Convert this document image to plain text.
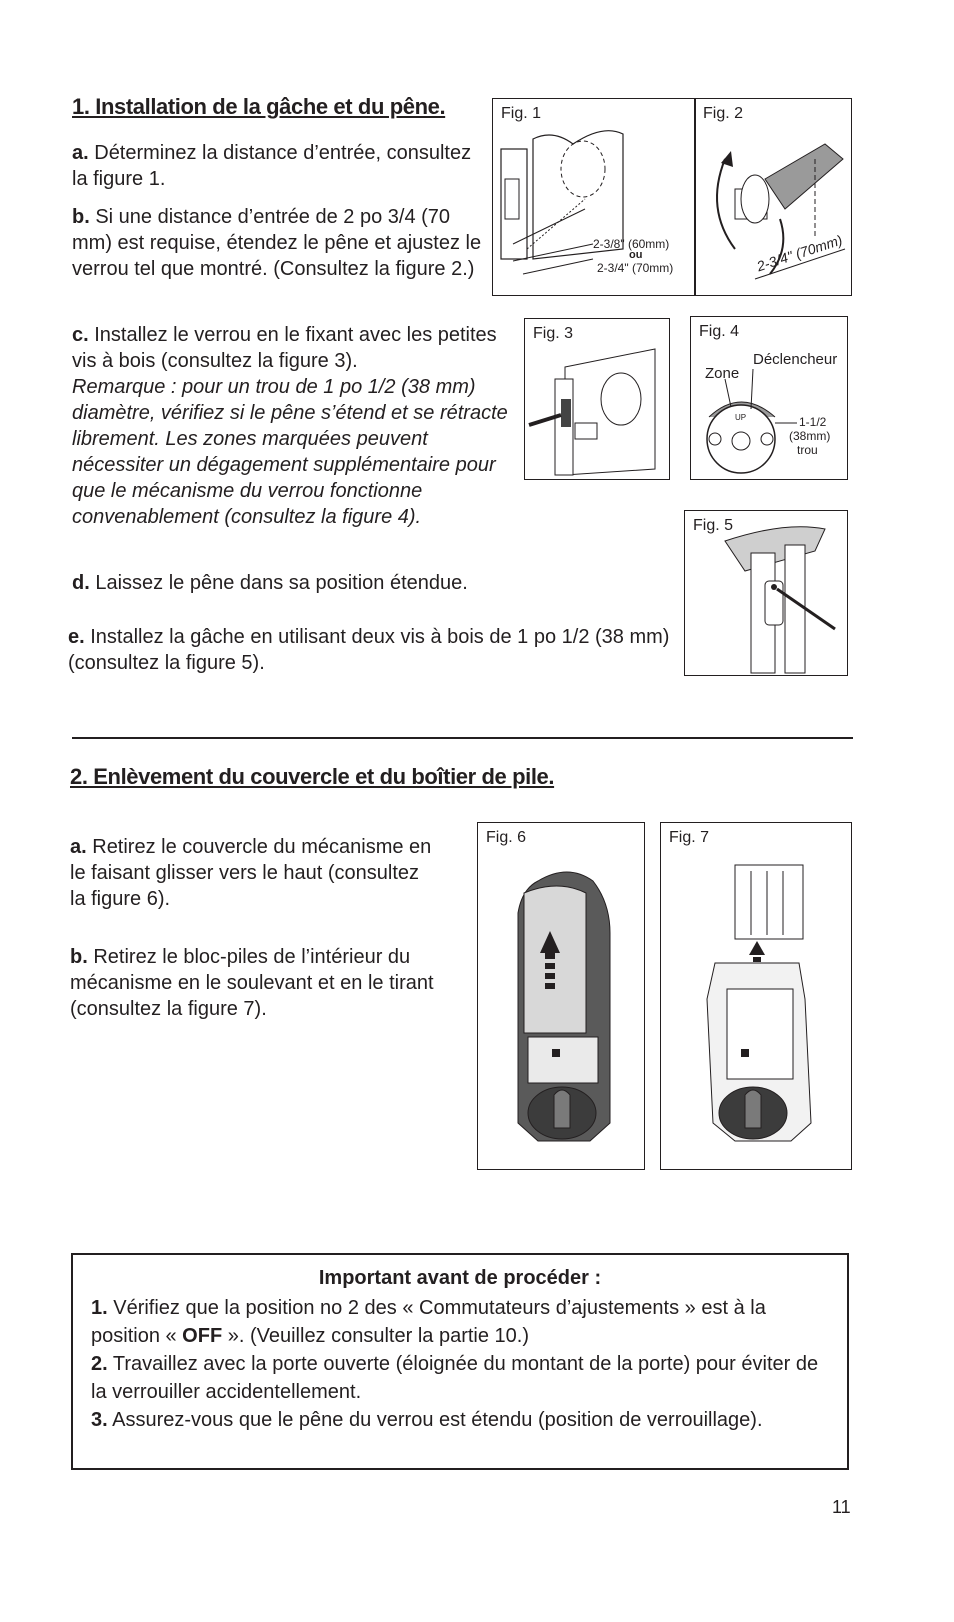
1. Installation de la gâche et du pêne.
a. Déterminez la distance d’entrée, consultez la figure 1.
b. Si une distance d’entrée de 2 po 3/4 (70 mm) est requise, étendez le pêne et ajustez le verrou tel que montré. (Consultez la figure 2.)
c. Installez le verrou en le fixant avec les petites vis à bois (consultez la figure 3).
Remarque : pour un trou de 1 po 1/2 (38 mm) diamètre, vérifiez si le pêne s’étend et se rétracte librement. Les zones marquées peuvent nécessiter un dégagement supplémentaire pour que le mécanisme du verrou fonctionne convenablement (consultez la figure 4).
d. Laissez le pêne dans sa position étendue.
e. Installez la gâche en utilisant deux vis à bois de 1 po 1/2 (38 mm) (consultez la figure 5).
Fig. 1	Fig. 2
2-3/8" (60mm)
ou
2-3/4" (70mm)	2-3/4" (70mm)
Fig. 3	Fig. 4
Déclencheur
Zone
UP	1-1/2
(38mm)
trou
Fig. 5
2. Enlèvement du couvercle et du boîtier de pile.
a. Retirez le couvercle du mécanisme en le faisant glisser vers le haut (consultez la figure 6).
b. Retirez le bloc-piles de l’intérieur du mécanisme en le soulevant et en le tirant (consultez la figure 7).
Fig. 6	Fig. 7
Important avant de procéder :
1. Vérifiez que la position no 2 des « Commutateurs d’ajustements » est à la position « OFF ». (Veuillez consulter la partie 10.)
2. Travaillez avec la porte ouverte (éloignée du montant de la porte) pour éviter de la verrouiller accidentellement.
3. Assurez-vous que le pêne du verrou est étendu (position de verrouillage).
11
